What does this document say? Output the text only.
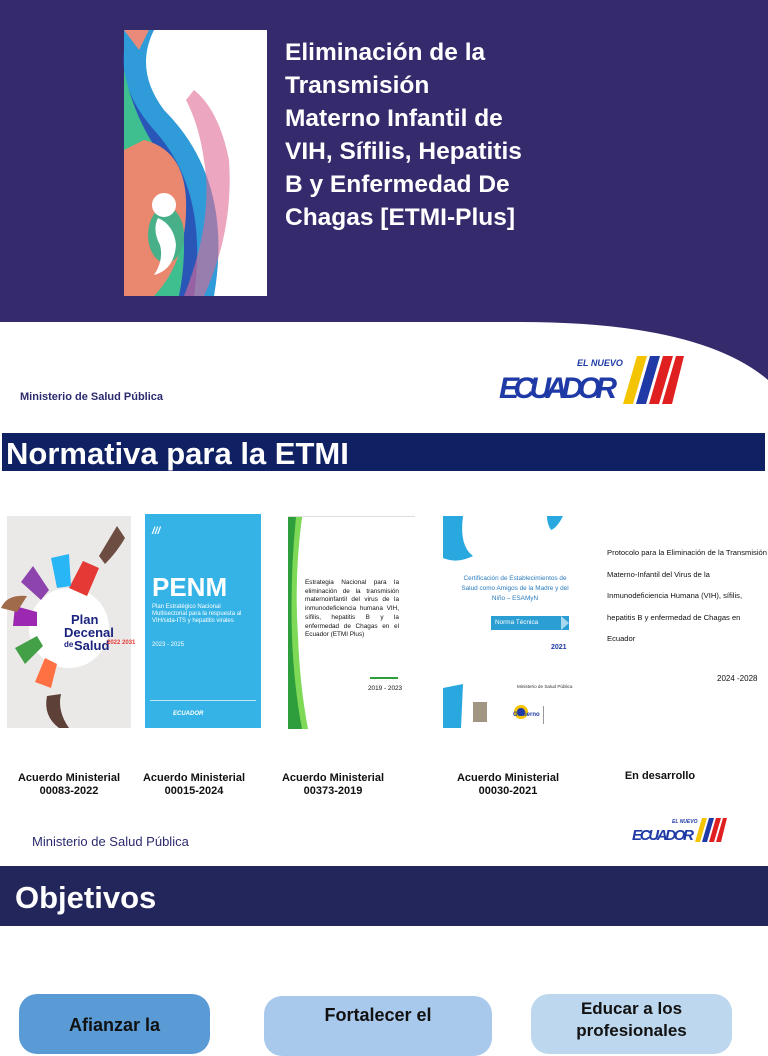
Eliminación de la Transmisión Materno Infantil de VIH, Sífilis, Hepatitis B y Enfermedad De Chagas [ETMI-Plus]
Ministerio de Salud Pública
EL NUEVO
ECUADOR
Normativa para la ETMI
Plan
Decenal
de Salud
2022 2031
Acuerdo Ministerial 00083-2022
///
ECUADOR
PENM
Plan Estratégico Nacional Multisectorial para la respuesta al VIH/sida-ITS y hepatitis virales
2023 - 2025
Acuerdo Ministerial 00015-2024
Estrategia Nacional para la eliminación de la transmisión maternoinfantil del virus de la inmunodeficiencia humana VIH, sífilis, hepatitis B y la enfermedad de Chagas en el Ecuador (ETMI Plus)
2019 - 2023
Acuerdo Ministerial 00373-2019
Certificación de Establecimientos de Salud como Amigos de la Madre y del Niño – ESAMyN
Norma Técnica
2021
Ministerio de Salud Pública
Gobierno
Acuerdo Ministerial 00030-2021
Protocolo para la Eliminación de la Transmisión Materno-Infantil del Virus de la Inmunodeficiencia Humana (VIH), sífilis, hepatitis B y enfermedad de Chagas en Ecuador
2024 -2028
En desarrollo
Ministerio de Salud Pública
EL NUEVO
ECUADOR
Objetivos
Afianzar la	Fortalecer el	Educar a los
profesionales
